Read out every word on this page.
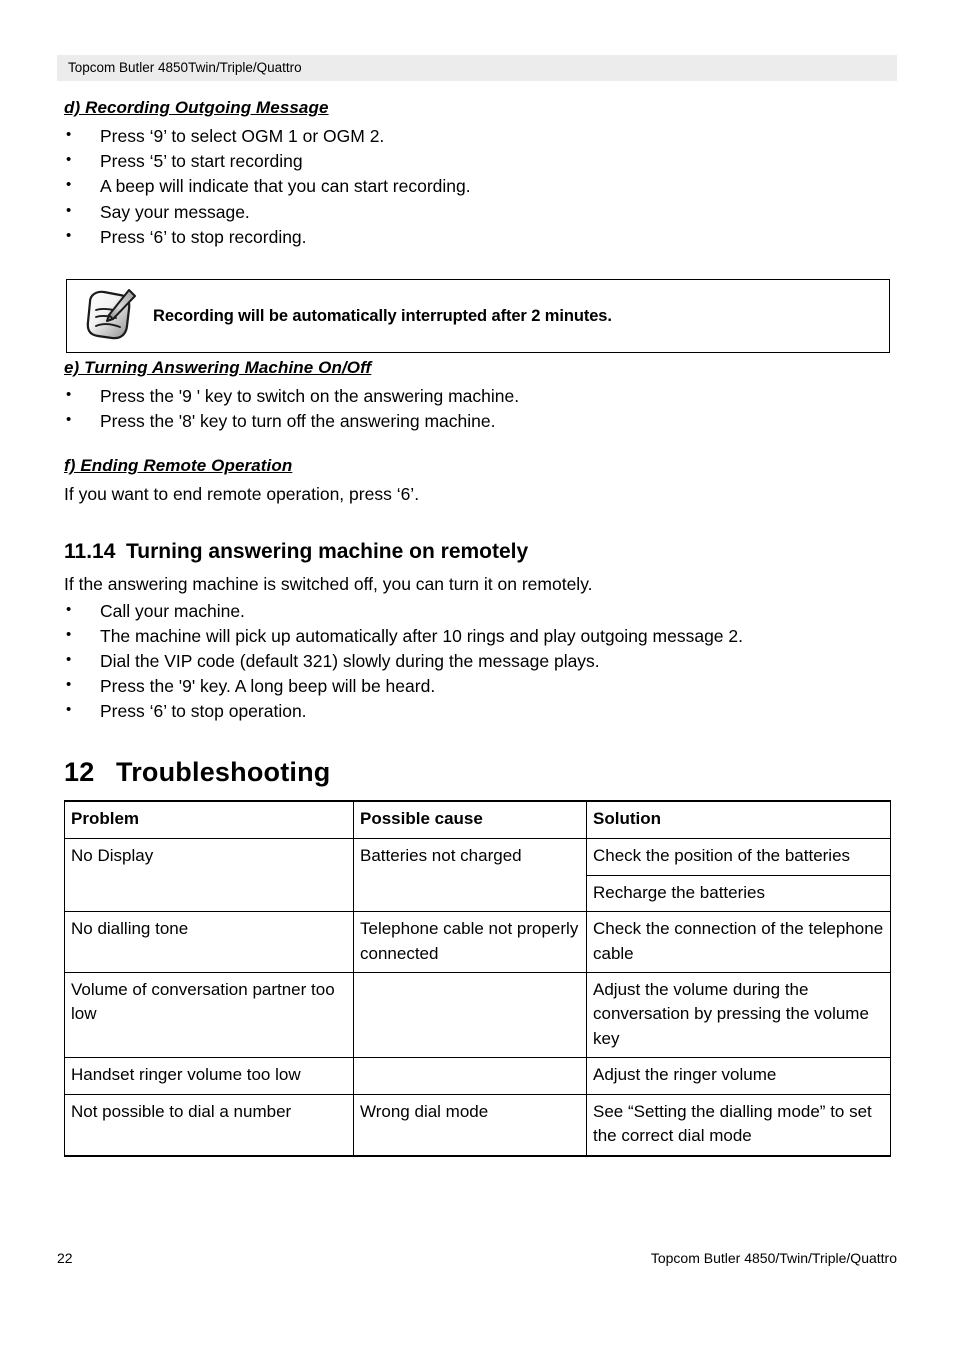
Topcom Butler 4850Twin/Triple/Quattro
d) Recording Outgoing Message
• Press ‘9’ to select OGM 1 or OGM 2.
• Press ‘5’ to start recording
• A beep will indicate that you can start recording.
• Say your message.
• Press ‘6’ to stop recording.
e) Turning Answering Machine On/Off
• Press the '9 ' key to switch on the answering machine.
• Press the '8' key to turn off the answering machine.
f) Ending Remote Operation

If you want to end remote operation, press ‘6’.

11.14 Turning answering machine on remotely

If the answering machine is switched off, you can turn it on remotely.

• Call your machine.
• The machine will pick up automatically after 10 rings and play outgoing message 2.
• Dial the VIP code (default 321) slowly during the message plays.
• Press the '9' key. A long beep will be heard.
• Press ‘6’ to stop operation.
12 Troubleshooting
Problem	Possible cause	Solution
No Display	Batteries not charged	Check the position of the batteries
		Recharge the batteries
No dialling tone	Telephone cable not properly connected	Check the connection of the telephone cable
Volume of conversation partner too low		Adjust the volume during the conversation by pressing the volume key
Handset ringer volume too low		Adjust the ringer volume
Not possible to dial a number	Wrong dial mode	See “Setting the dialling mode” to set the correct dial mode
Recording will be automatically interrupted after 2 minutes.
22	Topcom Butler 4850/Twin/Triple/Quattro
